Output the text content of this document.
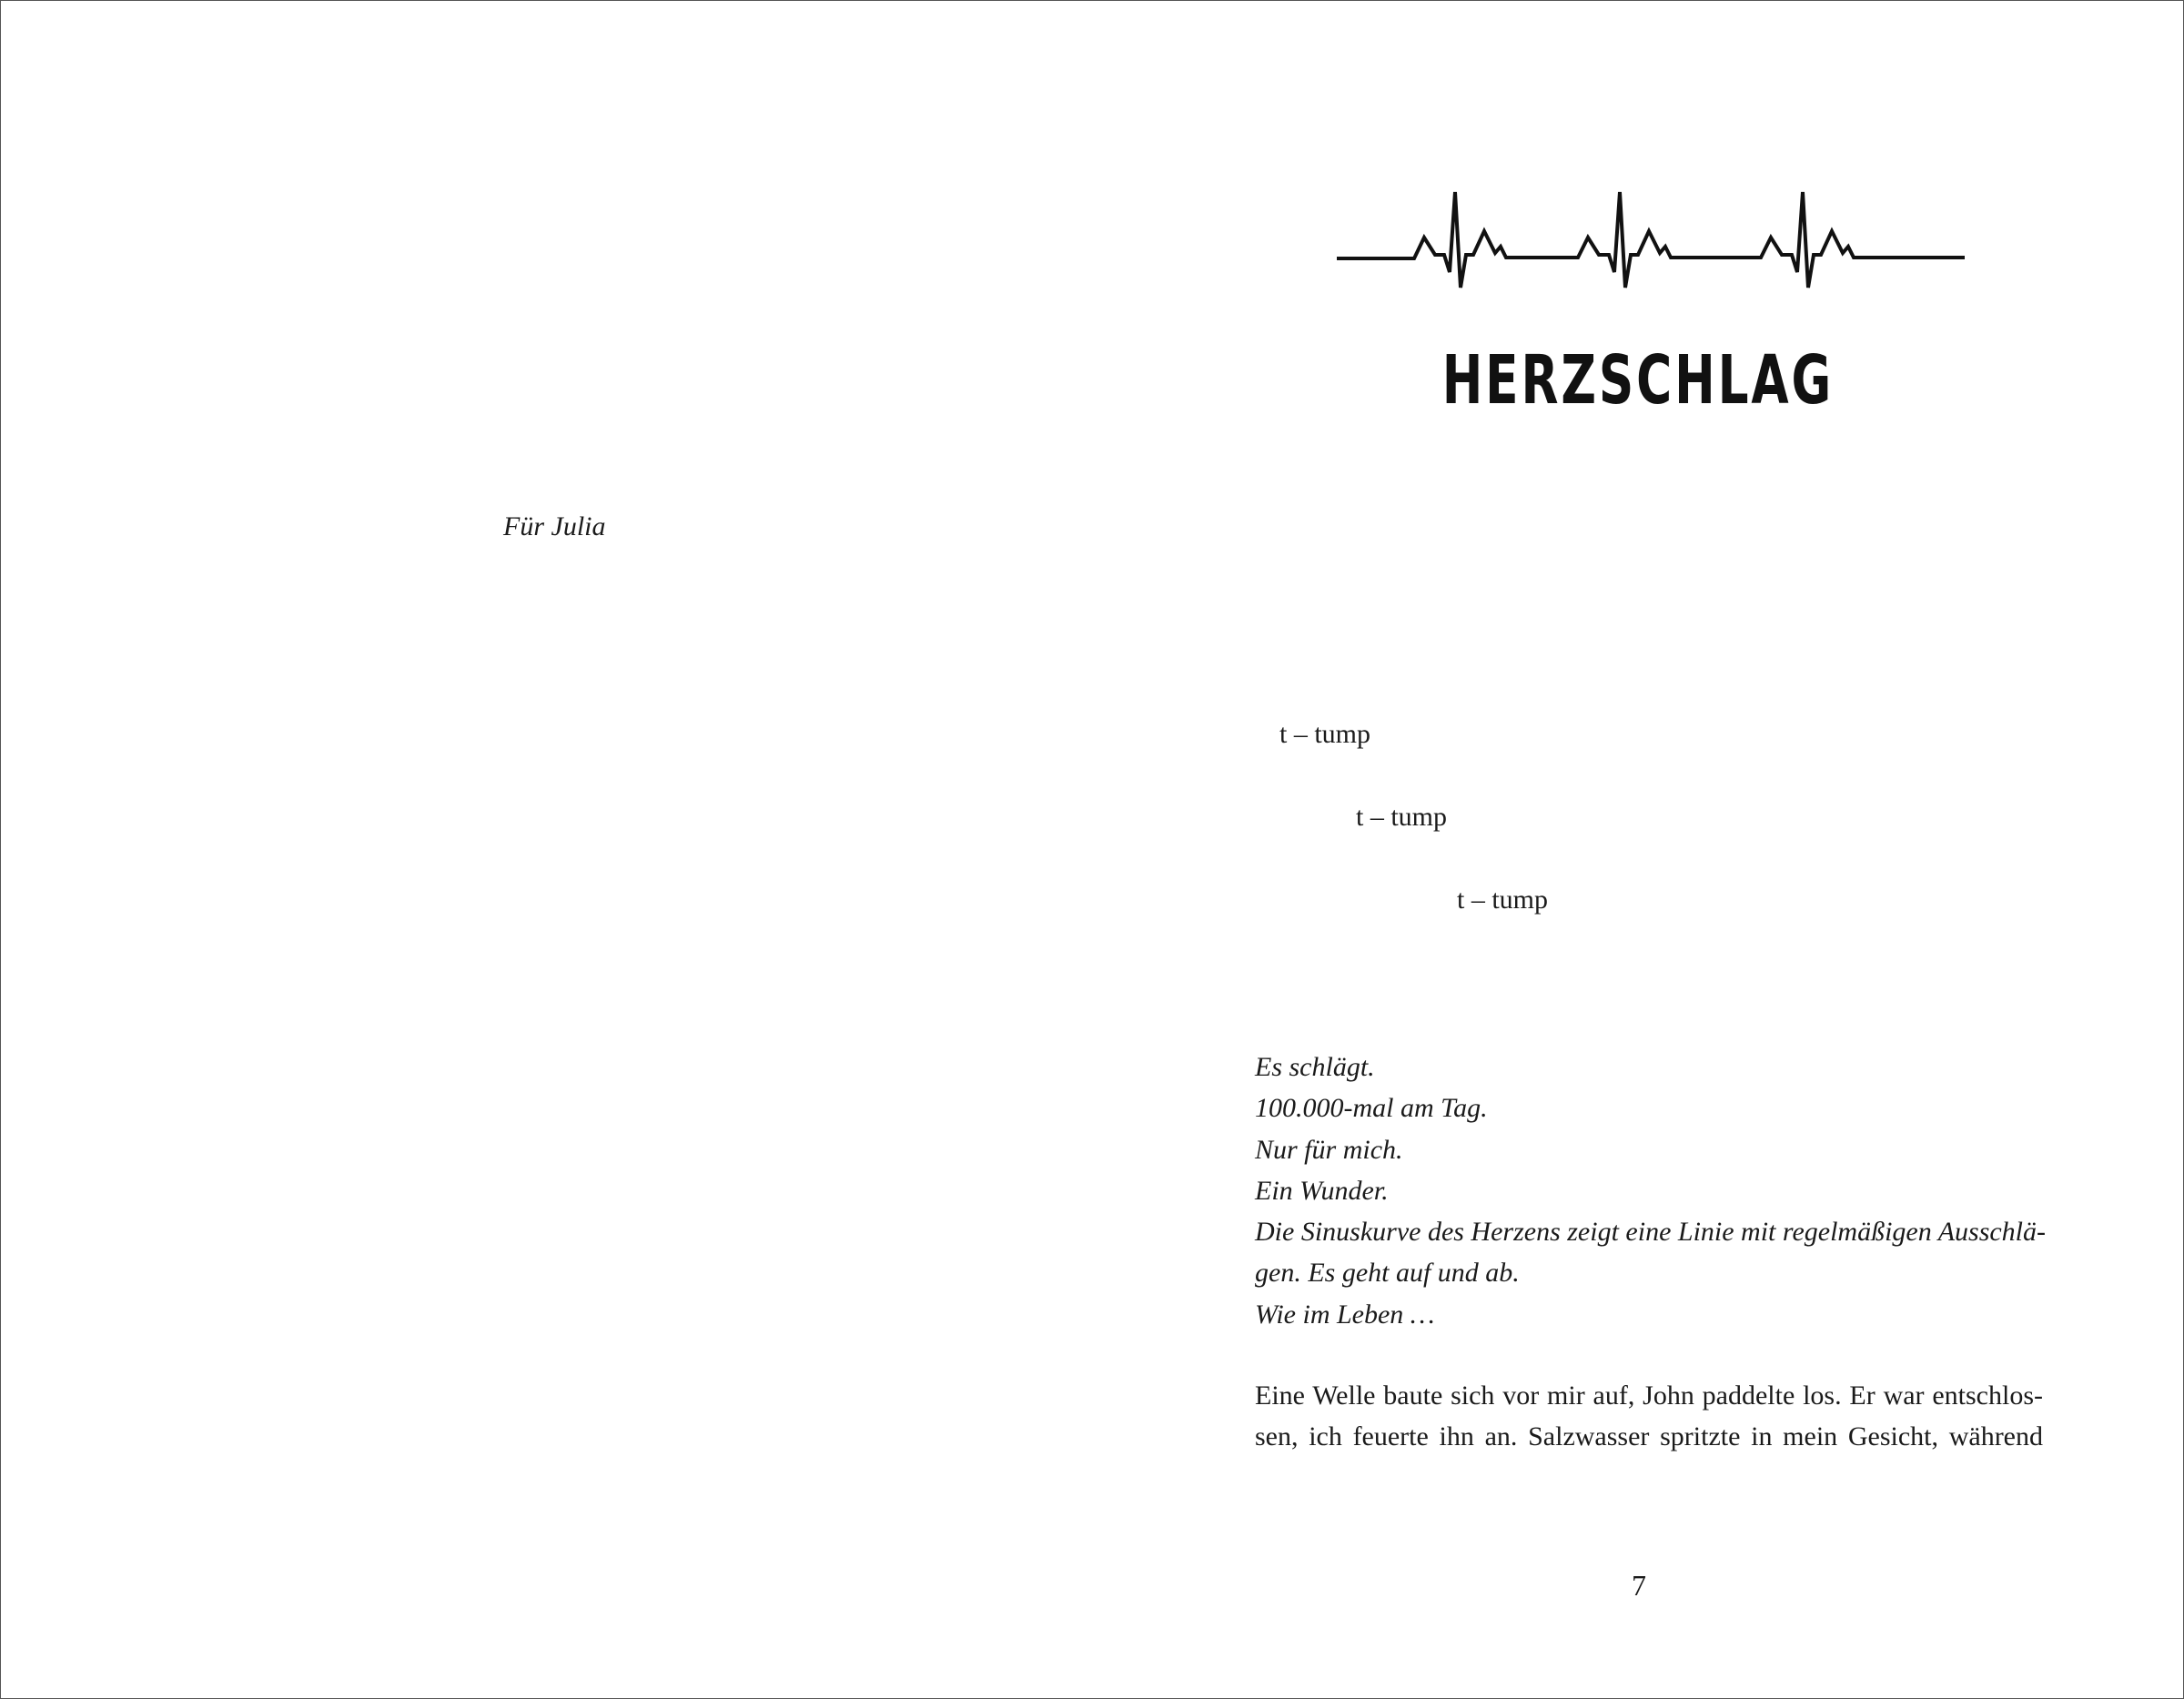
Für Julia
HERZSCHLAG
t – tump
t – tump
t – tump
Es schlägt.
100.000-mal am Tag.
Nur für mich.
Ein Wunder.
Die Sinuskurve des Herzens zeigt eine Linie mit regelmäßigen Ausschlä-
gen. Es geht auf und ab.
Wie im Leben …
Eine Welle baute sich vor mir auf, John paddelte los. Er war entschlos-
sen, ich feuerte ihn an. Salzwasser spritzte in mein Gesicht, während
7
